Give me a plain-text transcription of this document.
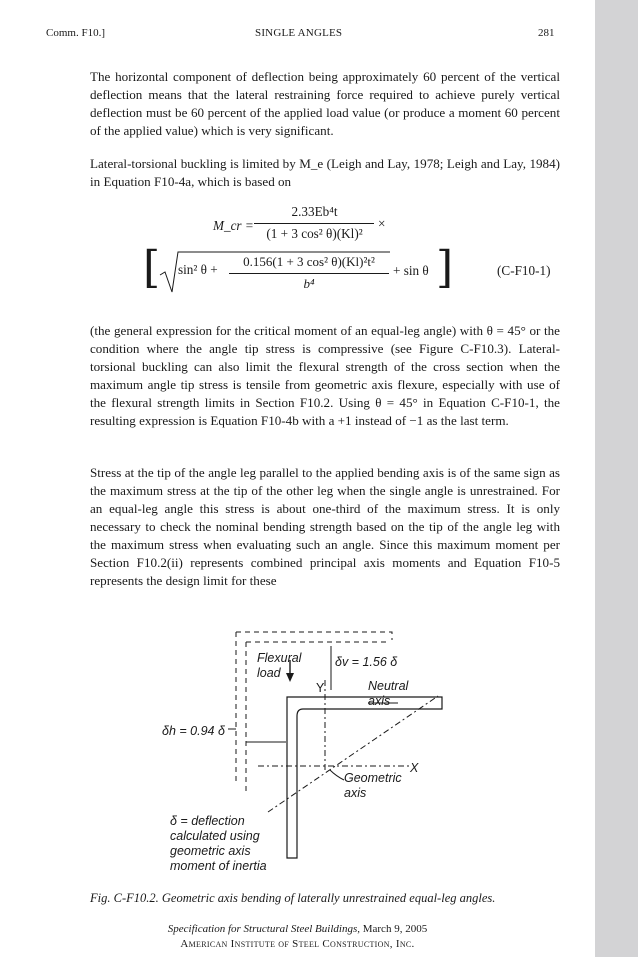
Comm. F10.]	SINGLE ANGLES	281

The horizontal component of deflection being approximately 60 percent of the vertical deflection means that the lateral restraining force required to achieve purely vertical deflection must be 60 percent of the applied load value (or produce a moment 60 percent of the applied value) which is very significant.

Lateral-torsional buckling is limited by M_e (Leigh and Lay, 1978; Leigh and Lay, 1984) in Equation F10-4a, which is based on

M_cr =
2.33Eb⁴t
(1 + 3 cos² θ)(Kl)²
×
[ sin² θ +
0.156(1 + 3 cos² θ)(Kl)²t²
b⁴
+ sin θ ]	(C-F10-1)

(the general expression for the critical moment of an equal-leg angle) with θ = 45° or the condition where the angle tip stress is compressive (see Figure C-F10.3). Lateral-torsional buckling can also limit the flexural strength of the cross section when the maximum angle tip stress is tensile from geometric axis flexure, especially with use of the flexural strength limits in Section F10.2. Using θ = 45° in Equation C-F10-1, the resulting expression is Equation F10-4b with a +1 instead of −1 as the last term.

Stress at the tip of the angle leg parallel to the applied bending axis is of the same sign as the maximum stress at the tip of the other leg when the single angle is unrestrained. For an equal-leg angle this stress is about one-third of the maximum stress. It is only necessary to check the nominal bending strength based on the tip of the angle leg with the maximum stress when evaluating such an angle. Since this maximum moment per Section F10.2(ii) represents combined principal axis moments and Equation F10-5 represents the design limit for these

Flexural
load
δv = 1.56 δ
Y	Neutral
axis
δh = 0.94 δ
X
Geometric
axis
δ = deflection
calculated using
geometric axis
moment of inertia

Fig. C-F10.2. Geometric axis bending of laterally unrestrained equal-leg angles.

Specification for Structural Steel Buildings, March 9, 2005
American Institute of Steel Construction, Inc.
